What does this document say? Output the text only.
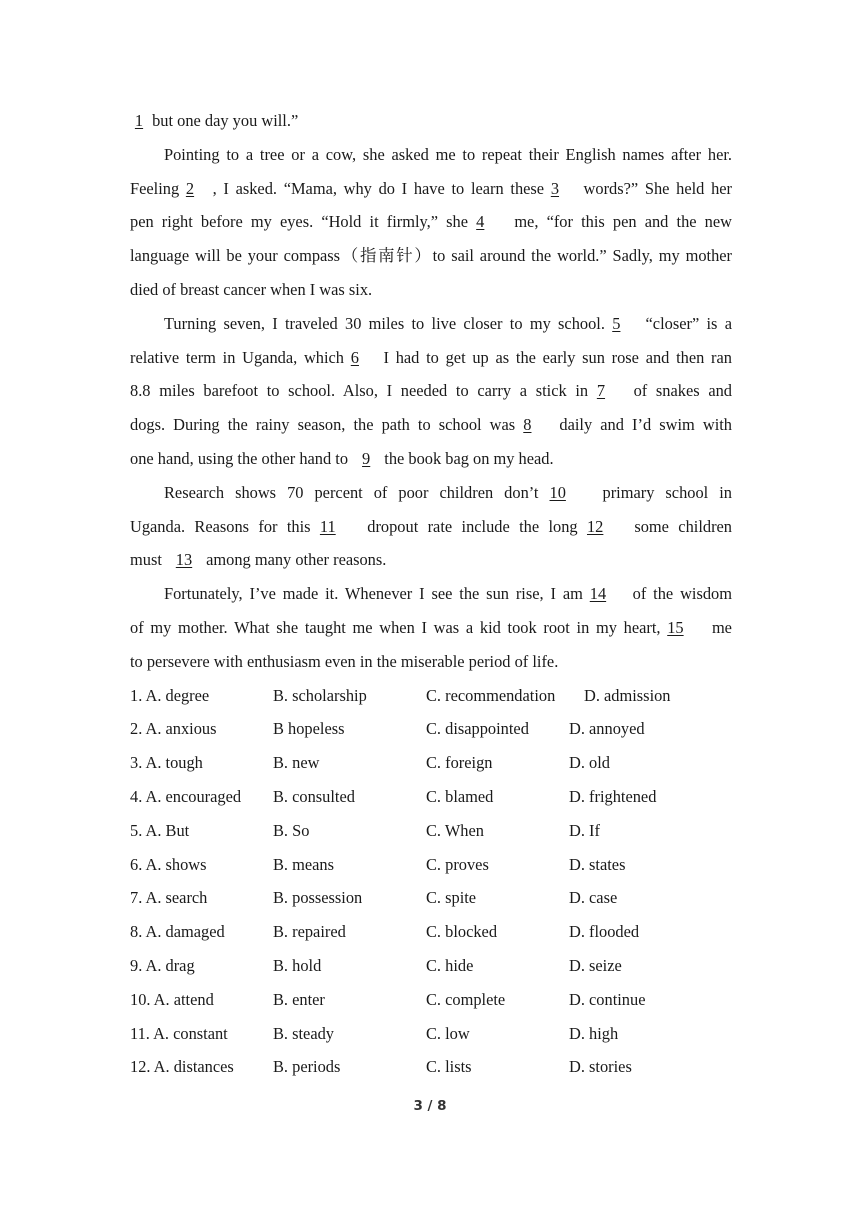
1 but one day you will.”
Pointing to a tree or a cow, she asked me to repeat their English names after her.
Feeling 2 , I asked. “Mama, why do I have to learn these 3 words?” She held her
pen right before my eyes. “Hold it firmly,” she 4 me, “for this pen and the new
language will be your compass（指南针）to sail around the world.” Sadly, my mother
died of breast cancer when I was six.
Turning seven, I traveled 30 miles to live closer to my school. 5 “closer” is a
relative term in Uganda, which 6 I had to get up as the early sun rose and then ran
8.8 miles barefoot to school. Also, I needed to carry a stick in 7 of snakes and
dogs. During the rainy season, the path to school was 8 daily and I’d swim with
one hand, using the other hand to 9 the book bag on my head.
Research shows 70 percent of poor children don’t 10 primary school in
Uganda. Reasons for this 11 dropout rate include the long 12 some children
must 13 among many other reasons.
Fortunately, I’ve made it. Whenever I see the sun rise, I am 14 of the wisdom
of my mother. What she taught me when I was a kid took root in my heart, 15 me
to persevere with enthusiasm even in the miserable period of life.
1. A. degree	B. scholarship	C. recommendation	D. admission
2. A. anxious	B hopeless	C. disappointed	D. annoyed
3. A. tough	B. new	C. foreign	D. old
4. A. encouraged	B. consulted	C. blamed	D. frightened
5. A. But	B. So	C. When	D. If
6. A. shows	B. means	C. proves	D. states
7. A. search	B. possession	C. spite	D. case
8. A. damaged	B. repaired	C. blocked	D. flooded
9. A. drag	B. hold	C. hide	D. seize
10. A. attend	B. enter	C. complete	D. continue
11. A. constant	B. steady	C. low	D. high
12. A. distances	B. periods	C. lists	D. stories
3 / 8
